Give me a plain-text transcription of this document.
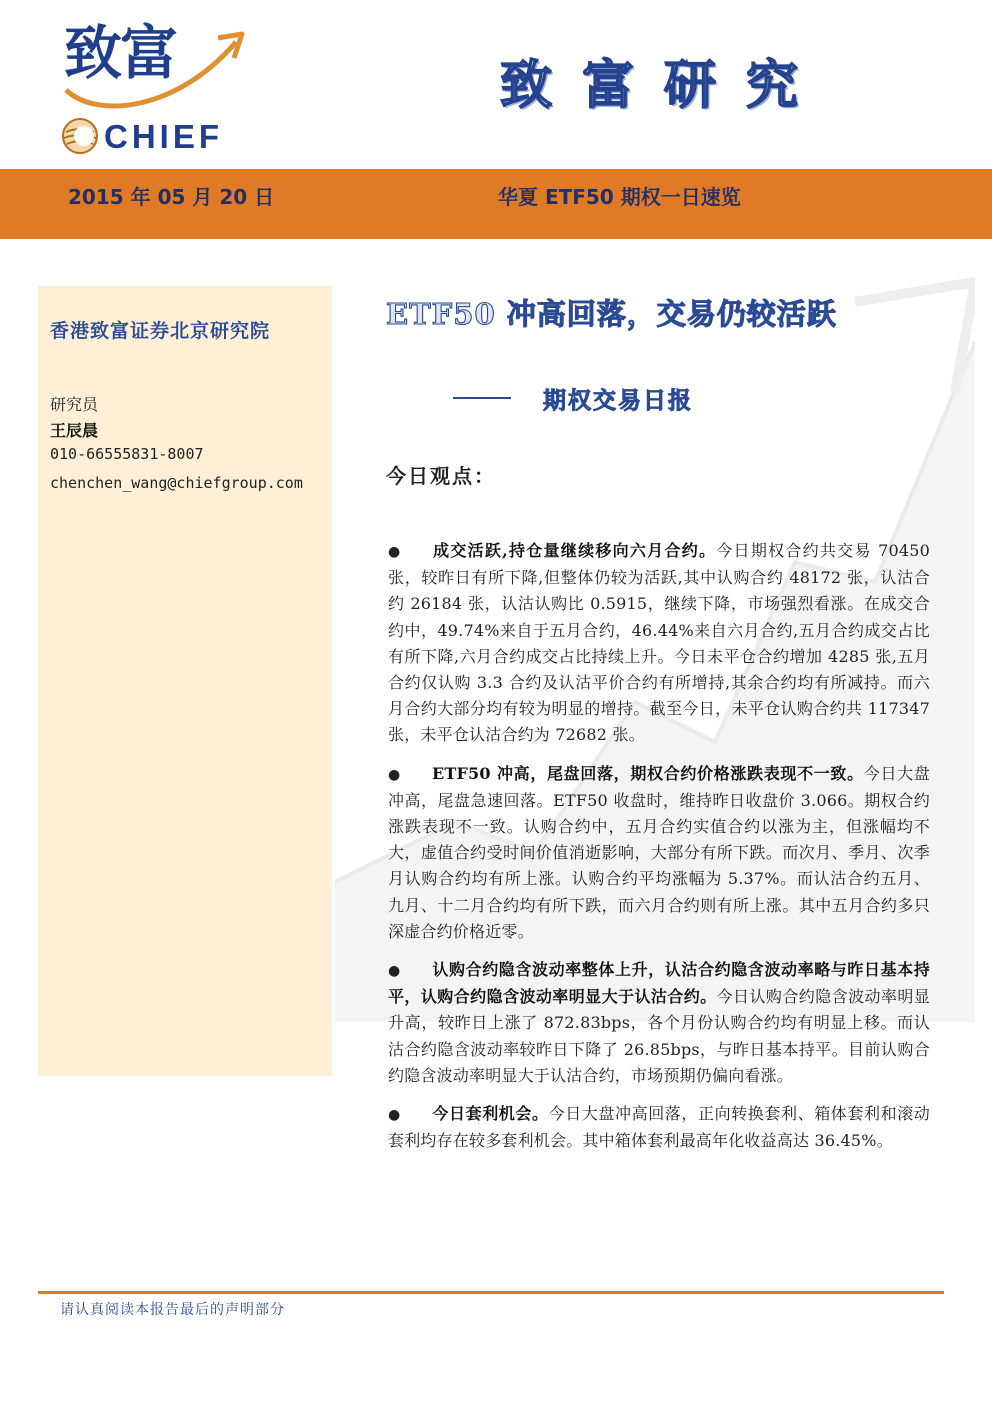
致富
CHIEF
致富研究
2015 年 05 月 20 日	华夏 ETF50 期权一日速览
香港致富证券北京研究院
研究员
王辰晨
010-66555831-8007
chenchen_wang@chiefgroup.com
ETF50 冲高回落，交易仍较活跃
期权交易日报
今日观点：

● 成交活跃,持仓量继续移向六月合约。今日期权合约共交易 70450 张，较昨日有所下降,但整体仍较为活跃,其中认购合约 48172 张，认沽合约 26184 张，认沽认购比 0.5915，继续下降，市场强烈看涨。在成交合约中，49.74%来自于五月合约，46.44%来自六月合约,五月合约成交占比有所下降,六月合约成交占比持续上升。今日未平仓合约增加 4285 张,五月合约仅认购 3.3 合约及认沽平价合约有所增持,其余合约均有所减持。而六月合约大部分均有较为明显的增持。截至今日，未平仓认购合约共 117347 张，未平仓认沽合约为 72682 张。

● ETF50 冲高，尾盘回落，期权合约价格涨跌表现不一致。今日大盘冲高，尾盘急速回落。ETF50 收盘时，维持昨日收盘价 3.066。期权合约涨跌表现不一致。认购合约中，五月合约实值合约以涨为主，但涨幅均不大，虚值合约受时间价值消逝影响，大部分有所下跌。而次月、季月、次季月认购合约均有所上涨。认购合约平均涨幅为 5.37%。而认沽合约五月、九月、十二月合约均有所下跌，而六月合约则有所上涨。其中五月合约多只深虚合约价格近零。

● 认购合约隐含波动率整体上升，认沽合约隐含波动率略与昨日基本持平，认购合约隐含波动率明显大于认沽合约。今日认购合约隐含波动率明显升高，较昨日上涨了 872.83bps，各个月份认购合约均有明显上移。而认沽合约隐含波动率较昨日下降了 26.85bps，与昨日基本持平。目前认购合约隐含波动率明显大于认沽合约，市场预期仍偏向看涨。

● 今日套利机会。今日大盘冲高回落，正向转换套利、箱体套利和滚动套利均存在较多套利机会。其中箱体套利最高年化收益高达 36.45%。

请认真阅读本报告最后的声明部分
